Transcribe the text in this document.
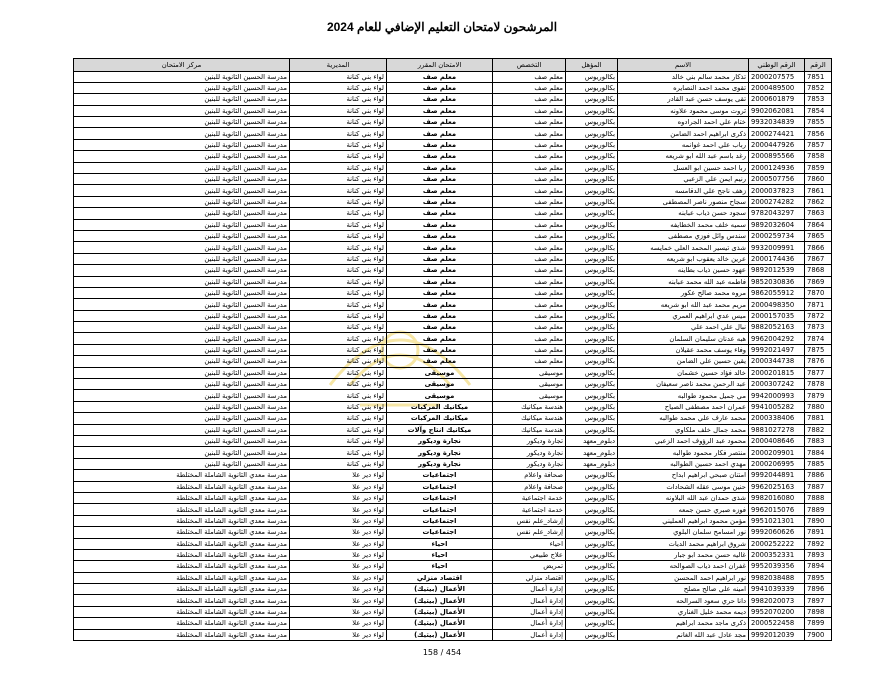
المرشحون لامتحان التعليم الإضافي للعام 2024
الرقم	الرقم الوطني	الاسم	المؤهل	التخصص	الامتحان المقرر	المديرية	مركز الامتحان
7851	2000207575	تذكار محمد سالم بني خالد	بكالوريوس	معلم صف	معلم صف	لواء بني كنانة	مدرسة الحسين الثانوية للبنين
7852	2000489500	تقوى محمد احمد النصايره	بكالوريوس	معلم صف	معلم صف	لواء بني كنانة	مدرسة الحسين الثانوية للبنين
7853	2000601879	تقى يوسف حسن عبد القادر	بكالوريوس	معلم صف	معلم صف	لواء بني كنانة	مدرسة الحسين الثانوية للبنين
7854	9902062081	ثروت موسى محمود علاونه	بكالوريوس	معلم صف	معلم صف	لواء بني كنانة	مدرسة الحسين الثانوية للبنين
7855	9932034839	ختام علي احمد الجرادوه	بكالوريوس	معلم صف	معلم صف	لواء بني كنانة	مدرسة الحسين الثانوية للبنين
7856	2000274421	ذكرى ابراهيم احمد الضامن	بكالوريوس	معلم صف	معلم صف	لواء بني كنانة	مدرسة الحسين الثانوية للبنين
7857	2000447926	رباب علي احمد غوانمه	بكالوريوس	معلم صف	معلم صف	لواء بني كنانة	مدرسة الحسين الثانوية للبنين
7858	2000895566	رغد باسم عبد الله ابو شريعه	بكالوريوس	معلم صف	معلم صف	لواء بني كنانة	مدرسة الحسين الثانوية للبنين
7859	2000124936	ربا احمد حسين ابو العسل	بكالوريوس	معلم صف	معلم صف	لواء بني كنانة	مدرسة الحسين الثانوية للبنين
7860	2000507756	رنيم ايمن علي الزعبي	بكالوريوس	معلم صف	معلم صف	لواء بني كنانة	مدرسة الحسين الثانوية للبنين
7861	2000037823	زهف ناجح علي الدقامسه	بكالوريوس	معلم صف	معلم صف	لواء بني كنانة	مدرسة الحسين الثانوية للبنين
7862	2000274282	سجاح منصور ناصر المصطفى	بكالوريوس	معلم صف	معلم صف	لواء بني كنانة	مدرسة الحسين الثانوية للبنين
7863	9782043297	سجود حسن ذياب عبابنه	بكالوريوس	معلم صف	معلم صف	لواء بني كنانة	مدرسة الحسين الثانوية للبنين
7864	9892032604	سميه خلف محمد الخطايفه	بكالوريوس	معلم صف	معلم صف	لواء بني كنانة	مدرسة الحسين الثانوية للبنين
7865	2000259734	سندس وائل فوزي مصطفى	بكالوريوس	معلم صف	معلم صف	لواء بني كنانة	مدرسة الحسين الثانوية للبنين
7866	9932009991	شذى تيسير المحمد العلي خمايسه	بكالوريوس	معلم صف	معلم صف	لواء بني كنانة	مدرسة الحسين الثانوية للبنين
7867	2000174436	عرين خالد يعقوب ابو شريعه	بكالوريوس	معلم صف	معلم صف	لواء بني كنانة	مدرسة الحسين الثانوية للبنين
7868	9892012539	عهود حسين ذياب بطاينه	بكالوريوس	معلم صف	معلم صف	لواء بني كنانة	مدرسة الحسين الثانوية للبنين
7869	9852030836	فاطمه عبد الله محمد عبابنه	بكالوريوس	معلم صف	معلم صف	لواء بني كنانة	مدرسة الحسين الثانوية للبنين
7870	9862055912	مروه محمد صالح عكور	بكالوريوس	معلم صف	معلم صف	لواء بني كنانة	مدرسة الحسين الثانوية للبنين
7871	2000498350	مريم محمد عبد الله ابو شريعه	بكالوريوس	معلم صف	معلم صف	لواء بني كنانة	مدرسة الحسين الثانوية للبنين
7872	2000157035	ميس عدي ابراهيم العمري	بكالوريوس	معلم صف	معلم صف	لواء بني كنانة	مدرسة الحسين الثانوية للبنين
7873	9882052163	نبال علي احمد علي	بكالوريوس	معلم صف	معلم صف	لواء بني كنانة	مدرسة الحسين الثانوية للبنين
7874	9962004292	هبه عدنان سليمان السلمان	بكالوريوس	معلم صف	معلم صف	لواء بني كنانة	مدرسة الحسين الثانوية للبنين
7875	9992021497	وفاء يوسف محمد عقيلان	بكالوريوس	معلم صف	معلم صف	لواء بني كنانة	مدرسة الحسين الثانوية للبنين
7876	2000344738	يقين حسين علي الضامن	بكالوريوس	معلم صف	معلم صف	لواء بني كنانة	مدرسة الحسين الثانوية للبنين
7877	2000201815	خالد فؤاد حسين خشمان	بكالوريوس	موسيقى	موسيقى	لواء بني كنانة	مدرسة الحسين الثانوية للبنين
7878	2000307242	عبد الرحمن محمد ناصر سعيفان	بكالوريوس	موسيقى	موسيقى	لواء بني كنانة	مدرسة الحسين الثانوية للبنين
7879	9942000993	مي جميل محمود طوالبه	بكالوريوس	موسيقى	موسيقى	لواء بني كنانة	مدرسة الحسين الثانوية للبنين
7880	9941005282	عمران احمد مصطفى الصياح	بكالوريوس	هندسة ميكانيك	ميكانيك المركبات	لواء بني كنانة	مدرسة الحسين الثانوية للبنين
7881	2000338406	محمد عارف علي محمد طوالبه	بكالوريوس	هندسة ميكانيك	ميكانيك المركبات	لواء بني كنانة	مدرسة الحسين الثانوية للبنين
7882	9881027278	محمد جمال خلف ملكاوي	بكالوريوس	هندسة ميكانيك	ميكانيك انتاج وآلات	لواء بني كنانة	مدرسة الحسين الثانوية للبنين
7883	2000408646	محمود عبد الرؤوف احمد الزعبي	دبلوم_معهد	تجارة وديكور	نجارة وديكور	لواء بني كنانة	مدرسة الحسين الثانوية للبنين
7884	2000209901	منتصر فكار محمود طوالبه	دبلوم_معهد	نجارة وديكور	نجارة وديكور	لواء بني كنانة	مدرسة الحسين الثانوية للبنين
7885	2000206995	مهدي احمد حسين الطوالبه	دبلوم_معهد	نجارة وديكور	نجارة وديكور	لواء بني كنانة	مدرسة الحسين الثانوية للبنين
7886	9992044891	امتنان صبحي ابراهيم ابداح	بكالوريوس	صحافة واعلام	اجتماعيات	لواء دير علا	مدرسة معدي الثانوية الشاملة المختلطة
7887	9962025163	حنين موسى عقله الشحادات	بكالوريوس	صحافة واعلام	اجتماعيات	لواء دير علا	مدرسة معدي الثانوية الشاملة المختلطة
7888	9982016080	شذى حمدان عبد الله البلاونه	بكالوريوس	خدمة اجتماعية	اجتماعيات	لواء دير علا	مدرسة معدي الثانوية الشاملة المختلطة
7889	9962015076	فوزه صبري حسن جمعه	بكالوريوس	خدمة اجتماعية	اجتماعيات	لواء دير علا	مدرسة معدي الثانوية الشاملة المختلطة
7890	9951021301	مؤمن محمود ابراهيم العمليني	بكالوريوس	إرشاد_علم نفس	اجتماعيات	لواء دير علا	مدرسة معدي الثانوية الشاملة المختلطة
7891	9992060626	نور امسامح سلمان البلوي	بكالوريوس	إرشاد_علم نفس	اجتماعيات	لواء دير علا	مدرسة معدي الثانوية الشاملة المختلطة
7892	2000252222	شروق ابراهيم محمد الديات	بكالوريوس	احياء	احياء	لواء دير علا	مدرسة معدي الثانوية الشاملة المختلطة
7893	2000352331	غاليه حسن محمد ابو جبار	بكالوريوس	علاج طبيعي	احياء	لواء دير علا	مدرسة معدي الثانوية الشاملة المختلطة
7894	9952039356	غفران احمد ذياب الصوالحه	بكالوريوس	تمريض	احياء	لواء دير علا	مدرسة معدي الثانوية الشاملة المختلطة
7895	9982038488	نور ابراهيم احمد المحسن	بكالوريوس	اقتصاد منزلي	اقتصاد منزلي	لواء دير علا	مدرسة معدي الثانوية الشاملة المختلطة
7896	9941039339	امينه علي صالح مصلح	بكالوريوس	إدارة أعمال	الأعمال (بيتيك)	لواء دير علا	مدرسة معدي الثانوية الشاملة المختلطة
7897	9982020073	دانا حري سعود السرالحه	بكالوريوس	إدارة أعمال	الأعمال (بيتيك)	لواء دير علا	مدرسة معدي الثانوية الشاملة المختلطة
7898	9952070200	ديمه محمد خليل الغناري	بكالوريوس	إدارة أعمال	الأعمال (بيتيك)	لواء دير علا	مدرسة معدي الثانوية الشاملة المختلطة
7899	2000522458	ذكرى ماجد محمد ابراهيم	بكالوريوس	إدارة أعمال	الأعمال (بيتيك)	لواء دير علا	مدرسة معدي الثانوية الشاملة المختلطة
7900	9992012039	مجد عادل عبد الله الغانم	بكالوريوس	إدارة أعمال	الأعمال (بيتيك)	لواء دير علا	مدرسة معدي الثانوية الشاملة المختلطة
158 / 454
